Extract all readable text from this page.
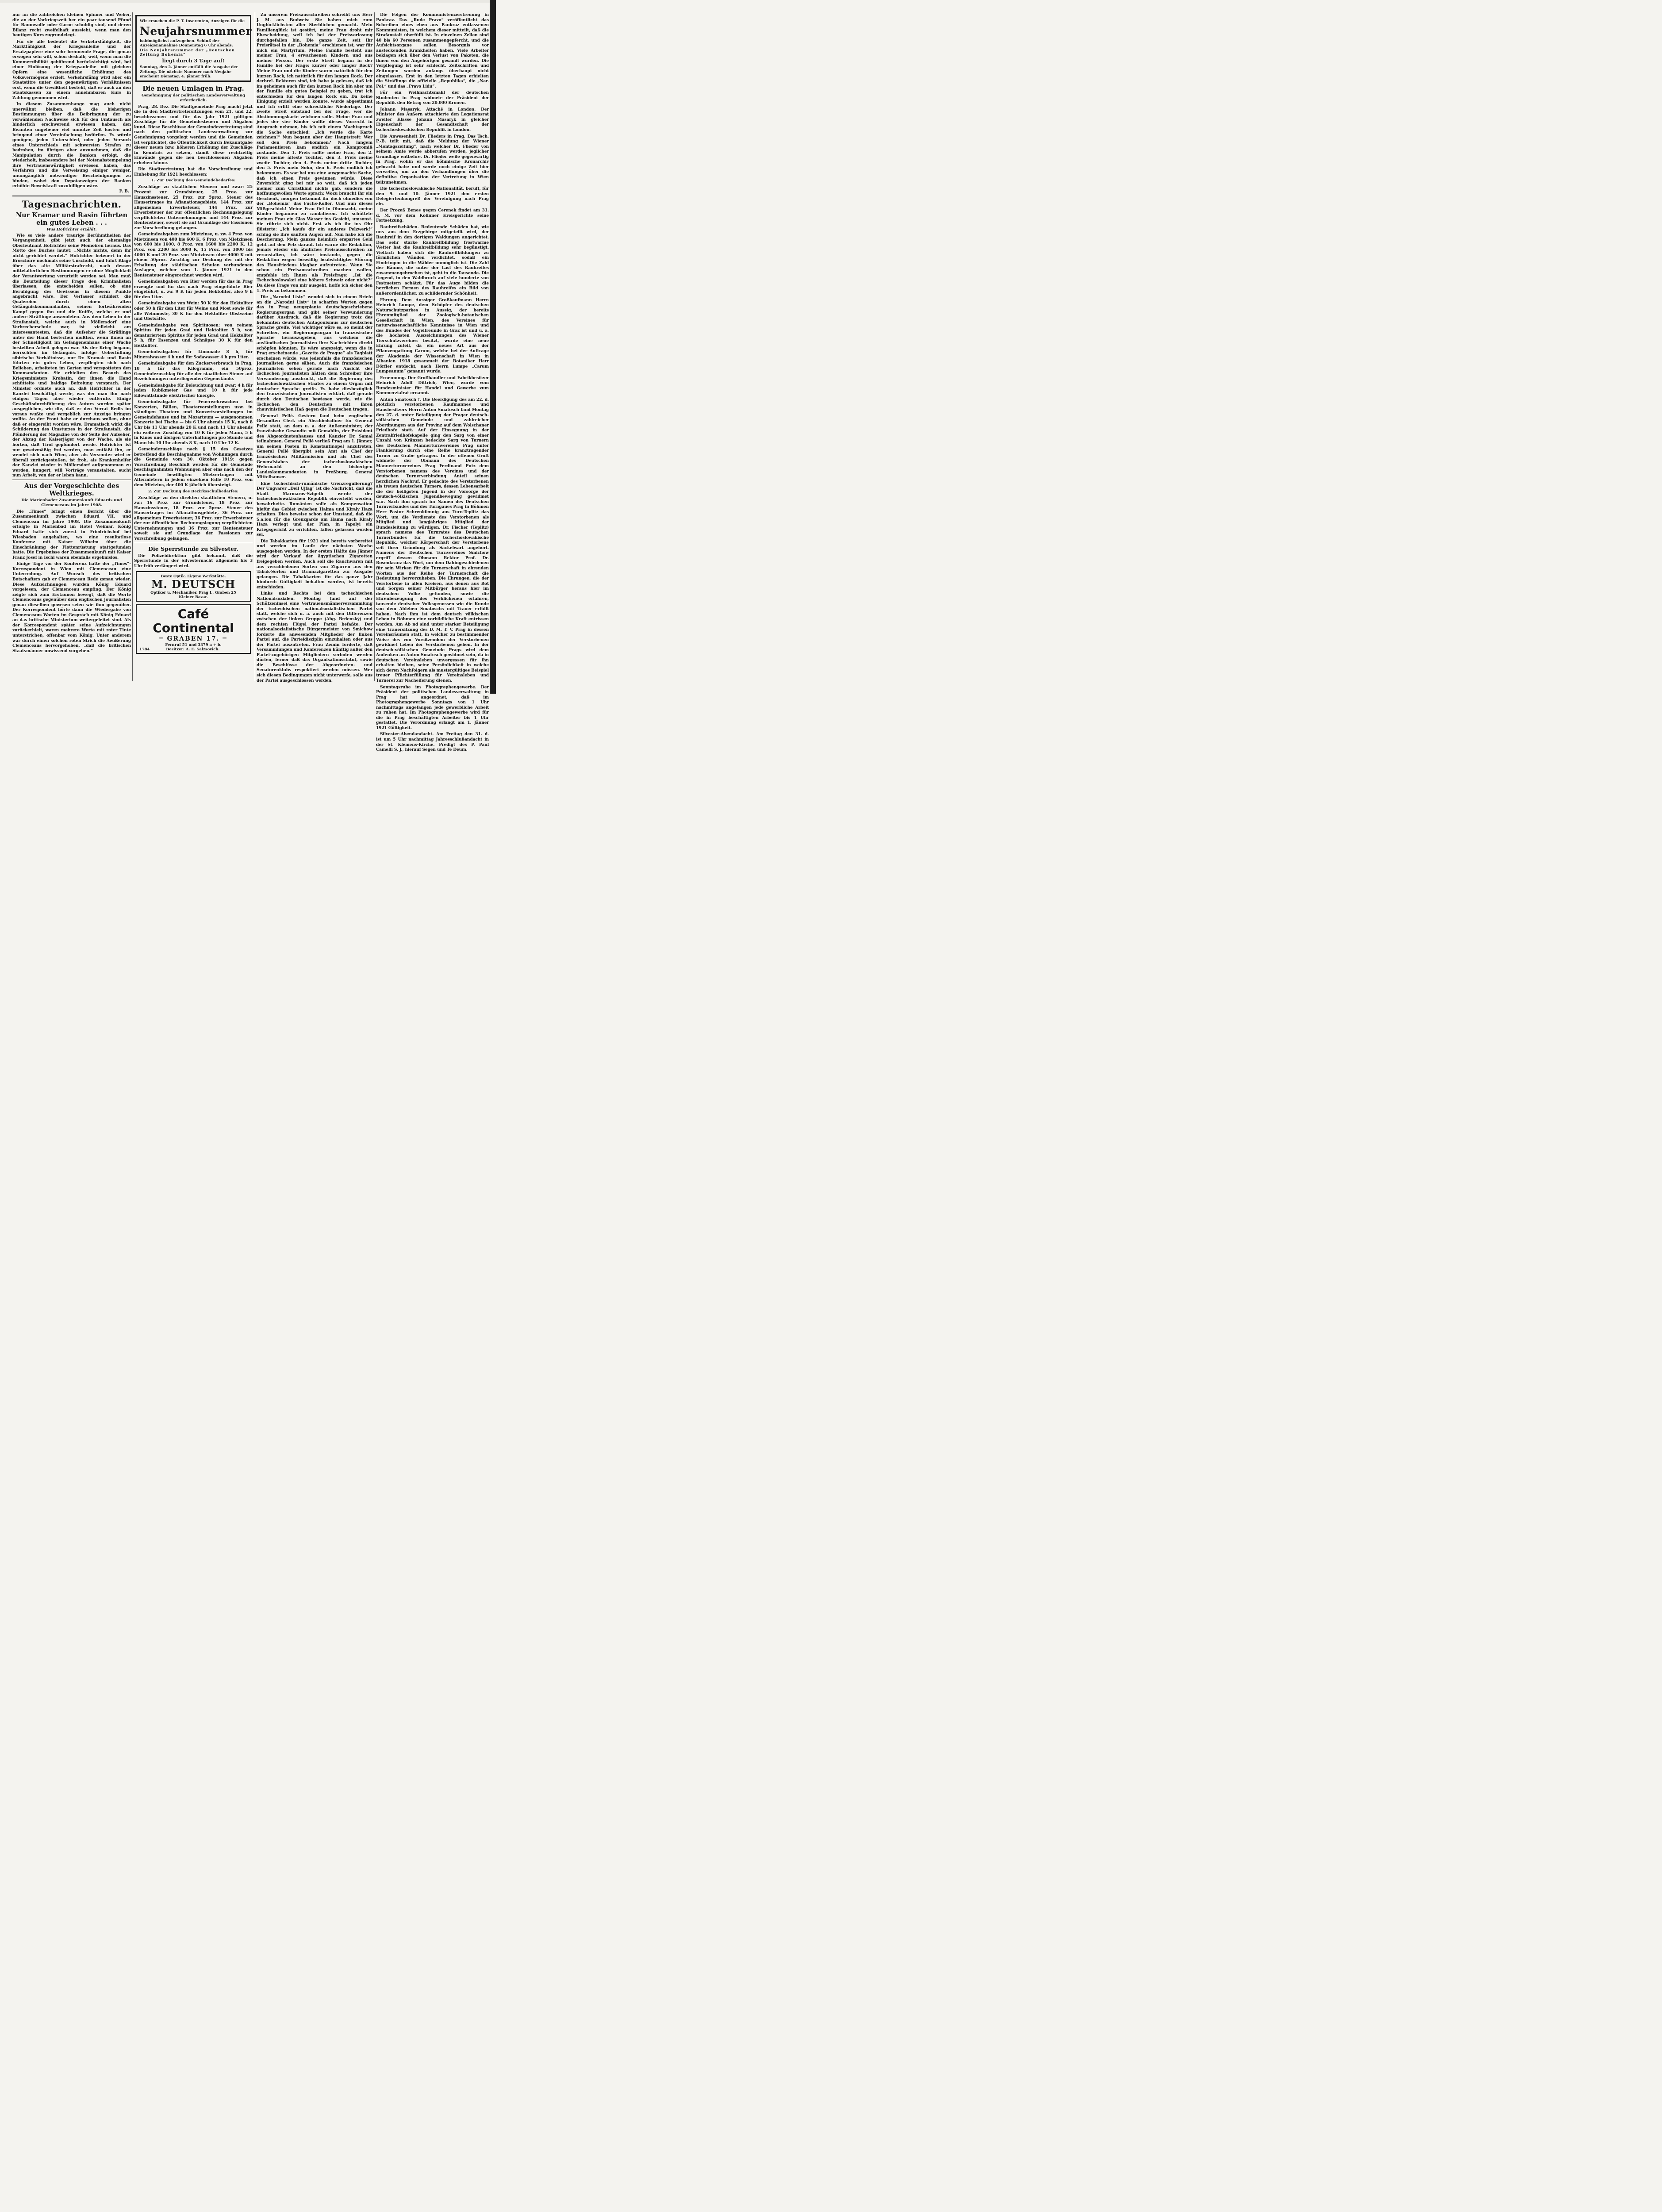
nur an die zahlreichen kleinen Spinner und Weber, die an der Vorkriegszeit her ein paar tausend Pfund für Baumwolle oder Garne schuldig sind, und deren Bilanz recht zweifelhaft aussieht, wenn man den heutigen Kurs zugrundelegt.

Für sie alle bedeutet die Verkehrsfähigkeit, die Marktfähigkeit der Kriegsanleihe und der Ersatzpapiere eine sehr brennende Frage, die genau erwogen sein will, schon deshalb, weil, wenn man die Kommerzibilität gebührend berücksichtigt wird, bei einer Einlösung der Kriegsanleihe mit gleichen Opfern eine wesentliche Erhöhung des Volksvermögens erzielt. Verkehrsfähig wird aber ein Staatstitre unter den gegenwärtigen Verhältnissen erst, wenn die Gewißheit besteht, daß er auch an den Staatskassen zu einem annehmbaren Kurs in Zahlung genommen wird.

In diesem Zusammenhange mag auch nicht unerwähnt bleiben, daß die bisherigen Bestimmungen über die Beibringung der zu verwählenden Nachweise sich für den Umtausch als hinderlich erschwerend erwiesen haben, den Beamten ungeheuer viel unnütze Zeit kosten und bringend einer Vereinfachung bedürfen. Es würde genügen, jeden Unterschied, oder jeden Versuch eines Unterschieds mit schwersten Strafen zu bedrohen, im übrigen aber anzunehmen, daß die Manipulation durch die Banken erfolgt, die wiederholt, insbesondere bei der Notenabstempelung ihre Vertrauenswürdigkeit erwiesen haben, das Verfahren und die Verweisung einiger weniger, unumgänglich notwendiger Bescheinigungen zu binden, wobei den Depotanzeigen der Banken erhöhte Beweiskraft zuzubilligen wäre.

F. B.
Tagesnachrichten.
Nur Kramar und Rasin führten ein gutes Leben . . .
Was Hofrichter erzählt.

Wie so viele andere traurige Berühmtheiten der Vergangenheit, gibt jetzt auch der ehemalige Oberleutnant Hofrichter seine Memoiren heraus. Das Motto des Buches lautet: „Nichts nichts, denn ihr nicht gerichtet werdet.“ Hofrichter beteuert in der Broschüre nochmals seine Unschuld, und führt Klage über das alte Militärstrafrecht, nach dessen mittelalterlichen Bestimmungen er ohne Möglichkeit der Verantwortung verurteilt worden sei. Man muß die Beurteilung dieser Frage den Kriminalisten überlassen, die entscheiden sollen, ob eine Beruhigung des Gewissens in diesem Punkte angebracht wäre. Der Verfasser schildert die Qualereien durch einen alten Gefängniskommandanten, seinen fortwährenden Kampf gegen ihn und die Kniffe, welche er und andere Sträflinge anwendeten. Aus dem Leben in der Strafanstalt, welche auch in Möllersdorf eine Verbrecherschule war, ist vielleicht am interessantesten, daß die Aufseher die Sträflinge unter der Hand bestechen mußten, wenn ihnen an der Schnelligkeit im Gefangenenhaus einer Wache bestellten Arbeit gelegen war. Als der Krieg begann, herrschten im Gefängnis, infolge Ueberfüllung sibirische Verhältnisse, nur Dr. Kramak und Rasin führten ein gutes Leben, verpflegten sich nach Belieben, arbeiteten im Garten und verspotteten den Kommandanten. Sie erhielten den Besuch des Kriegsministers Krobatin, der ihnen die Hand schüttelte und baldige Befreiung versprach. Der Minister ordnete auch an, daß Hofrichter in der Kanzlei beschäftigt werde, was der man ihn nach einigen Tagen aber wieder entfernte. Einige Geschäftsdurchführung des Autors wurden später ausgeglichen, wie die, daß er den Verrat Redls im voraus wußte und vergeblich zur Anzeige bringen wollte. An der Front habe er durchaus wollen, ohne daß er eingereiht worden wäre. Dramatisch wirkt die Schilderung des Umsturzes in der Strafanstalt, die Plünderung der Magazine von der Seite der Aufseher, der Abzug der Kaiserjäger von der Wache, als sie hörten, daß Tirol geplündert werde. Hofrichter ist nur gesetzmäßig frei werden, man entläßt ihn, er wendet sich nach Wien, aber als Versemter wird er überall zurückgestoßen, ist froh, als Krankenhelfer der Kanzlei wieder in Möllersdorf aufgenommen zu werden, hungert, will Vorträge veranstalten, sucht nun Arbeit, von der er leben kann.

Aus der Vorgeschichte des Weltkrieges.
Die Marienbader Zusammenkunft Eduards und Clemenceaus im Jahre 1908.

Die „Times“ bringt einen Bericht über die Zusammenkunft zwischen Eduard VII. und Clemenceau im Jahre 1908. Die Zusammenkunft erfolgte in Marienbad im Hotel Weimar. König Eduard hatte sich zuerst in Friedrichshof bei Wiesbaden angehalten, wo eine resultatlose Konferenz mit Kaiser Wilhelm über die Einschränkung der Flottenrüstung stattgefunden hatte. Die Ergebnisse der Zusammenkunft mit Kaiser Franz Josef in Ischl waren ebenfalls ergebnislos.

Einige Tage vor der Konferenz hatte der „Times“-Korrespondent in Wien mit Clemenceau eine Unterredung. Auf Wunsch des britischen Botschafters gab er Clemenceau Rede genau wieder. Diese Aufzeichnungen wurden König Eduard vorgelesen, der Clemenceau empfing. Der König zeigte sich zum Erstaunen bewegt, daß die Worte Clemenceaus gegenüber dem englischen Journalisten genau dieselben gewesen seien wie ihm gegenüber. Der Korrespondent hörte dann die Wiedergabe von Clemenceaus Worten im Gespräch mit König Eduard an das britische Ministerium weitergeleitet sind. Als der Korrespondent später seine Aufzeichnungen zurückerhielt, waren mehrere Worte mit roter Tinte unterstrichen, offenbar vom König. Unter anderem war durch einen solchen roten Strich die Aeußerung Clemenceaus hervorgehoben, „daß die britischen Staatsmänner unwissend vorgehen.“

Wir ersuchen die P. T. Inserenten, Anzeigen für die

Neujahrsnummer

baldmöglichst aufzugeben. Schluß der Anzeigenannahme Donnerstag 6 Uhr abends.

Die Neujahrsnummer der „Deutschen Zeitung Bohemia“

liegt durch 3 Tage auf!

Sonntag, den 2. Jänner entfällt die Ausgabe der Zeitung. Die nächste Nummer nach Neujahr erscheint Dienstag, 4. Jänner früh.

Die neuen Umlagen in Prag.
Genehmigung der politischen Landesverwaltung erforderlich.

Prag, 28. Dez. Die Stadtgemeinde Prag macht jetzt die in den Stadtvertretersitzungen vom 21. und 22. beschlossenen und für das Jahr 1921 gültigen Zuschläge für die Gemeindesteuern und Abgaben kund. Diese Beschlüsse der Gemeindevertretung sind nach den politischen Landesverwaltung zur Genehmigung vorgelegt werden und die Gemeinden ist verpflichtet, die Öffentlichkeit durch Bekanntgabe dieser neuen bzw. höheren Erhöhung der Zuschläge in Kenntnis zu setzen, damit diese rechtzeitig Einwände gegen die neu beschlossenen Abgaben erheben könne.

Die Stadtvertretung hat die Vorschreibung und Einhebung für 1921 beschlossen:

1. Zur Deckung des Gemeindebedarfes:

Zuschläge zu staatlichen Steuern und zwar: 25 Prozent zur Grundsteuer, 25 Proz. zur Hauszinssteuer, 25 Proz. zur 5proz. Steuer des Hausertrages im Afianationsgebiete, 144 Proz. zur allgemeinen Erwerbsteuer, 144 Proz. zur Erwerbsteuer der zur öffentlichen Rechnungslegung verpflichteten Unternehmungen und 144 Proz. zur Rentensteuer, soweit sie auf Grundlage der Fassionen zur Vorschreibung gelangen.

Gemeindeabgaben zum Mietzinse, u. zw. 4 Proz. von Mietzinsen von 400 bis 600 K, 6 Proz. von Mietzinsen von 600 bis 1600, 8 Proz. von 1600 bis 2200 K, 12 Proz. von 2200 bis 3000 K, 15 Proz. von 3000 bis 4000 K und 20 Proz. von Mietzinsen über 4000 K mit einem 50proz. Zuschlag zur Deckung der mit der Erhaltung der städtischen Schulen verbundenen Auslagen, welcher vom 1. Jänner 1921 in den Rentensteuer eingerechnet werden wird.

Gemeindeabgaben von Bier werden für das in Prag erzeugte und für das nach Prag eingeführte Bier eingeführt, u. zw. 9 K für jeden Hektoliter, also 9 h für den Liter.

Gemeindeabgabe von Wein: 50 K für den Hektoliter oder 50 h für den Liter für Weine und Most sowie für alle Weinmoste, 30 K für den Hektoliter Obstweine und Obstsäfte.

Gemeindeabgabe von Spirituosen: von reinem Spiritus für jeden Grad und Hektoliter 5 h, von denaturiertem Spiritus für jeden Grad und Hektoliter 5 h, für Essenzen und Schnäpse 30 K für den Hektoliter.

Gemeindeabgaben für Limonade 8 h, für Mineralwasser 4 h und für Sodawasser 4 h pro Liter.

Gemeindeabgabe für den Zuckerverbrauch in Prag, 10 h für das Kilogramm, ein 50proz. Gemeindezuschlag für alle der staatlichen Steuer auf Bezeichnungen unterliegenden Gegenstände.

Gemeindeabgabe für Beleuchtung und zwar: 4 h für jeden Kubikmeter Gas und 10 h für jede Kilowattstunde elektrischer Energie.

Gemeindeabgabe für Feuerwehrwachen bei Konzerten, Bällen, Theatervorstellungen usw. in ständigen Theatern und Konzertvorstellungen im Gemeindehause und im Mozarteum — ausgenommen Konzerte bei Tische — bis 6 Uhr abends 15 K, nach 8 Uhr bis 11 Uhr abends 20 K und nach 11 Uhr abends ein weiterer Zuschlag von 10 K für jeden Mann, 5 h in Kinos und übrigen Unterhaltungen pro Stunde und Mann bis 10 Uhr abends 8 K, nach 10 Uhr 12 K.

Gemeindezuschläge nach § 15 des Gesetzes betreffend die Beschlagnahme von Wohnungen durch die Gemeinde vom 30. Oktober 1919: gegen Vorschreibung Beschluß werden für die Gemeinde beschlagnahmten Wohnungen aber eins nach den der Gemeinde bewilligten Mietverträgen mit Aftermietern in jedem einzelnen Falle 10 Proz. von dem Mietzins, der 400 K jährlich übersteigt.

2. Zur Deckung des Bezirksschulbedarfes:

Zuschläge zu den direkten staatlichen Steuern, u. zw.: 16 Proz. zur Grundsteuer, 18 Proz. zur Hauszinssteuer, 18 Proz. zur 5proz. Steuer des Hausertrages im Afianationsgebiete, 36 Proz. zur allgemeinen Erwerbsteuer, 36 Proz. zur Erwerbsteuer der zur öffentlichen Rechnungslegung verpflichteten Unternehmungen und 36 Proz. zur Rentensteuer soweit sie auf Grundlage der Fassionen zur Vorschreibung gelangen.

Die Sperrstunde zu Silvester.

Die Polizeidirektion gibt bekannt, daß die Sperrstunde in der Silvesternacht allgemein bis 3 Uhr früh verlängert wird.

Beste Optik. Eigene Werkstätte.
M. DEUTSCH
Optiker u. Mechaniker. Prag I., Graben 25
Kleiner Bazar.
Café Continental
═ GRABEN 17. ═
Fernruf 51 und 3379 a + b.
1784	Besitzer: A. E. Salzsovich.

Zu unserem Preisausschreiben schreibt uns Herr J. M. aus Budweis: Sie haben mich zum Unglücklichsten aller Sterblichen gemacht. Mein Familienglück ist gestört, meine Frau droht mir Ehescheidung, weil ich bei der Preisverlosung durchgefallen bin. Die ganze Zeit, seit Ihr Preisrätsel in der „Bohemia“ erschienen ist, war für mich ein Martyrium. Meine Familie besteht aus meiner Frau, 4 erwachsenen Kindern und aus meiner Person. Der erste Streit begann in der Familie bei der Frage: kurzer oder langer Rock? Meine Frau und die Kinder waren natürlich für den kurzen Rock, ich natürlich für den langen Rock. Der derbrel. Rektoren sind, ich habe ja gelesen, daß ich im geheimen auch für den kurzen Rock bin aber um der Familie ein gutes Beispiel zu geben, trat ich entschieden für den langen Rock ein. Da keine Einigung erzielt werden konnte, wurde abgestimmt und ich erlitt eine schreckliche Niederlage. Der zweite Streit entstand bei der Frage, wer die Abstimmungskarte zeichnen solle. Meine Frau und jedes der vier Kinder wollte dieses Vorrecht in Anspruch nehmen, bis ich mit einem Machtspruch die Sache entschied: „Ich werde die Karte zeichnen!“ Nun begann aber der Hauptstreit: Wer soll den Preis bekommen? Nach langem Parlamentieren kam endlich ein Kompromiß zustande. Den 1. Preis sollte meine Frau, den 2. Preis meine älteste Tochter, den 3. Preis meine zweite Tochter, den 4. Preis meine dritte Tochter, den 5. Preis mein Sohn, den 6. Preis endlich ich bekommen. Es war bei uns eine ausgemachte Sache, daß ich einen Preis gewinnen würde. Diese Zuversicht ging bei mir so weit, daß ich jeden meiner zum Christkind nichts gab, sondern die hoffnungsvollen Worte sprach: Wozu braucht ihr ein Geschenk, morgen bekommt ihr doch ohnedies von der „Bohemia“ das Fuchs-Koller. Und nun dieses Mißgeschick! Meine Frau fiel in Ohnmacht, meine Kinder begannen zu randalieren. Ich schüttete meinen Frau ein Glas Wasser ins Gesicht, umsonst. Sie rührte sich nicht. Erst als ich ihr ins Ohr flüsterte: „Ich kaufe dir ein anderes Pelzwerk!“ schlug sie ihre sanften Augen auf. Nun habe ich die Bescherung. Mein ganzes heimlich erspartes Geld geht auf den Pelz darauf. Ich warne die Redaktion, jemals wieder ein ähnliches Preisausschreiben zu veranstalten, ich wäre imstande, gegen die Redaktion wegen böswillig beabsichtigter Störung des Hausfriedens klagbar aufzutreten. Wenn Sie schon ein Preisausschreiben machen wollen, empfehle ich Ihnen als Preisfrage: „Ist die Tschechoslowakei eine höhere Schweiz oder nicht?“ Da diese Frage von mir ausgeht, hoffe ich sicher den 1. Preis zu bekommen.

Die „Narodni Listy“ wendet sich in einem Briefe an die „Narodni Listy“ in scharfen Worten gegen das in Prag neugeplante deutschgeschriebene Regierungsorgan und gibt seiner Verwunderung darüber Ausdruck, daß die Regierung trotz des bekannten deutschen Antagonismus zur deutschen Sprache greife. Viel wichtiger wäre es, so meint der Schreiber, ein Regierungsorgan in französischer Sprache herauszugeben, aus welchem die ausländischen Journalisten ihre Nachrichten direkt schöpfen könnten. Es wäre angezeigt, wenn die in Prag erscheinende „Gazette de Prague“ als Tagblatt erscheinen würde, was jedenfalls die französischen Journalisten gerne sähen. Auch die französischen Journalisten sehen gerade nach Ansicht der Tschechen Journalisten hätten dem Schreiber ihre Verwunderung ausdrückt, daß die Regierung des tschechoslowakischen Staates zu einem Organ mit deutscher Sprache greife. Es habe diesbezüglich den französischen Journalisten erklärt, daß gerade durch den Deutschen bewiesen werde, wie die Tschechen den Deutschen mit ihren chauvinistischen Haß gegen die Deutschen tragen.

General Pellé. Gestern fand beim englischen Gesandten Clerk ein Abschiedsdiner für General Pellé statt, an dem u. a. der Außenminister, der französische Gesandte mit Gemahlin, der Präsident des Abgeordnetenhauses und Kanzler Dr. Samal teilnahmen. General Pellé verließ Prag am 1. Jänner, um seinen Posten in Konstantinopel anzutreten. General Pellé übergibt sein Amt als Chef der französischen Militärmission und als Chef des Generalstabes der tschechoslowakischen Wehrmacht an den bisherigen Landeskommandanten in Preßburg, General Mittelhauser.

Eine tschechisch-rumänische Grenzregulierung? Der Ungvarer „Dell Ujfag“ ist die Nachricht, daß die Stadt Marmaros-Szigeth werde der tschechoslowakischen Republik einverleibt werden, bewahrheite. Rumänien solle als Kompensation hiefür das Gebiet zwischen Halma und Kiraly Haza erhalten. Dies beweise schon der Umstand, daß die S.a.ion für die Grenzgarde am Hama nach Kiraly Haza verlegt und der Plan, in Tapolyi ein Kriegsgericht zu errichten, fallen gelassen worden sei.

Die Tabakkarten für 1921 sind bereits vorbereitet und werden im Laufe der nächsten Woche ausgegeben werden. In der ersten Hälfte des Jänner wird der Verkauf der ägyptischen Zigaretten freigegeben werden. Auch soll die Rauchwaren mit aus verschiedenen Sorten von Zigarren aus den Tabak-Sorten und Dramazigaretten zur Ausgabe gelangen. Die Tabakkarten für das ganze Jahr hindurch Gültigkeit behalten werden, ist bereits entschieden.

Links und Rechts bei den tschechischen Nationalsozialen. Montag fand auf der Schützeninsel eine Vertrauensmännerversammlung der tschechischen nationalsozialistischen Partei statt, welche sich u. a. auch mit den Differenzen zwischen der linken Gruppe (Abg. Brdenskỳ) und dem rechten Flügel der Partei befaßte. Der nationalsozialistische Bürgermeister von Smichow forderte die anwesenden Mitglieder der linken Partei auf, die Parteidisziplin einzuhalten oder aus der Partei auszutreten. Frau Zemin forderte, daß Versammlungen und Konferenzen künftig außer den Partei-zugehörigen Mitgliedern verboten werden dürfen, ferner daß das Organisationsstatut, sowie die Beschlüsse der Abgeordneten- und Senatorenklubs respektiert werden müssen. Wer sich diesen Bedingungen nicht unterwerfe, solle aus der Partei ausgeschlossen werden.

Die Folgen der Kommunistenzerstreuung in Pankraz. Das „Rude Pravo“ veröffentlicht das Schreiben eines eben aus Pankraz entlassenen Kommunisten, in welchem dieser mitteilt, daß die Strafanstalt überfüllt ist. In einzelnen Zellen sind 40 bis 60 Personen zusammengepfercht, und die Aufsichtsorgane sollen Besorgnis vor ansteckenden Krankheiten haben. Viele Arbeiter beklagen sich über den Verlust von Paketen, die ihnen von den Angehörigen gesandt wurden. Die Verpflegung ist sehr schlecht. Zeitschriften und Zeitungen wurden anfangs überhaupt nicht eingelassen. Erst in den letzten Tagen erhielten die Sträflinge die offizielle „Republika“, die „Nar. Pol.“ und das „Pravo Lidu“.

Für ein Weihnachtsmahl der deutschen Studenten in Prag widmete der Präsident der Republik den Betrag von 20.000 Kronen.

Johann Masaryk, Attaché in London. Der Minister des Äußern attachierte den Legationsrat zweiter Klasse Johann Masaryk in gleicher Eigenschaft der Gesandtschaft der tschechoslowakischen Republik in London.

Die Anwesenheit Dr. Flieders in Prag. Das Tsch. P.-B. teilt mit, daß die Meldung der Wiener „Montagszeitung“, nach welcher Dr. Flieder von seinem Amte werde abberufen werden, jeglicher Grundlage entbehre. Dr. Flieder weile gegenwärtig in Prag, wohin er das böhmische Kronarchiv gebracht habe und werde noch einige Zeit hier verweilen, um an den Verhandlungen über die definitive Organisation der Vertretung in Wien teilzunehmen.

Die tschechoslowakische Nationalität. beruft, für den 9. und 10. Jänner 1921 den ersten Delegiertenkongreß der Vereinigung nach Prag ein.

Der Prozeß Benes gegen Cerenek findet am 31. d. M. vor dem Kolinner Kreisgerichte seine Fortsetzung.

Rauhreifschäden. Bedeutende Schäden hat, wie uns aus dem Erzgebirge mitgeteilt wird, der Rauhreif in den dortigen Waldungen angerichtet. Das sehr starke Rauhreifbildung frostwarme Wetter hat die Rauhreifbildung sehr begünstigt. Vielfach haben sich die Rauhreifbildungen zu förmlichen Wänden verdichtet, sodaß ein Eindringen in die Wälder unmöglich ist. Die Zahl der Bäume, die unter der Last des Rauhreifes zusammengebrochen ist, geht in die Tausende. Die Gegend, in den Waldbruch auf viele hunderte von Festmetern schätzt. Für das Auge bilden die herrlichen Formen des Rauhreifes ein Bild von außerordentlicher, zu schildernder Schönheit.

Ehrung. Dem Aussiger Großkaufmann Herrn Heinrich Lumpe, dem Schöpfer des deutschen Naturschutzparkes in Aussig, der bereits Ehrenmitglied der Zoologisch-botanischen Gesellschaft in Wien, des Vereines für naturwissenschaftliche Kenntnisse in Wien und des Bundes der Vogelfreunde in Graz ist und u. a. die höchsten Auszeichnungen des Wiener Tierschutzvereines besitzt, wurde eine neue Ehrung zuteil, da ein neues Art aus der Pflanzengattung Carum, welche bei der Auftrage der Akademie der Wissenschaft in Wien in Albanien 1918 gesammelt der Botaniker Herr Dörfler entdeckt, nach Herrn Lumpe „Carum Lumpeanum“ genannt wurde.

Ernennung. Der Großhändler und Fabrikbesitzer Heinrich Adolf Dittrich, Wien, wurde vom Bundesminister für Handel und Gewerbe zum Kommerzialrat ernannt.

Anton Smatosch †. Die Beerdigung des am 22. d. plötzlich verstorbenen Kaufmannes und Hausbesitzers Herrn Anton Smatosch fand Montag den 27. d. unter Beteiligung der Prager deutsch-völkischen Gemeinde und zahlreicher Abordnungen aus der Provinz auf dem Wolschaner Friedhofe statt. Auf der Einsegnung in der Zentralfriedhofskapelle ging den Sarg von einer Unzahl von Kränzen bedeckte Sarg von Turnern des Deutschen Männerturnvereines Prag unter Flankierung durch eine Reihe kranztragender Turner zu Grabe getragen. In der offenen Gruft widmete der Obmann des Deutschen Männerturnvereines Prag Ferdinand Putz dem Verstorbenen namens des Vereines und der deutschen Turnerverbindung Anteil seinen herzlichen Nachruf. Er gedachte des Verstorbenen als treuen deutschen Turners, dessen Lebensarbeit die der heiligsten Jugend in der Vorsorge der deutsch-völkischen Jugendbewegung gewidmet war. Nach ihm sprach im Namen des Deutschen Turnverbandes und des Turngaues Prag in Böhmen Herr Pastor Schrenkfennig aus Turn-Teplitz das Wort, um die Verdienste des Verstorbenen als Mitglied und langjähriges Mitglied der Bundesleitung zu würdigen. Dr. Fischer (Teplitz) sprach namens des Turnrates des Deutschen Turnerbundes für die tschechoslowakische Republik, welcher Körperschaft der Verstorbene seit ihrer Gründung als Säckelwart angehört. Namens der Deutschen Turnvereines Smichow ergriff dessen Obmann Rektor Prof. Dr. Rosenkranz das Wort, um dem Dahingeschiedenen für sein Wirken für die Turnerschaft in ehrenden Worten aus der Reihe der Turnerschaft die Bedeutung hervorzuheben. Die Ehrungen, die der Verstorbene in allen Kreisen, aus denen aus Rot und Sorgen seiner Mitbürger heraus hier im deutschen Volke gefunden, sowie die Ehrenbezeugung des Verblichenen erfahren, tausende deutscher Volksgenossen wie die Kunde von dem Ableben Smatoschs mit Trauer erfüllt haben. Nach ihm ist dem deutsch völkischen Leben in Böhmen eine vorbildliche Kraft entrissen worden. Am Ab nd sind unter starker Beteiligung eine Trauersitzung des D. M. T. V. Prag in dessen Vereinsräumen statt, in welcher zu bestimmender Weise des von Vorsitzendem der Verstorbenen gewidmet Leben der Verstorbenen geben. In der deutsch-völkischen Gemeinde Prags wird dem Andenken an Anton Smatosch gewidmet sein, da in deutschen Vereinsleben unvergessen für ihn erhalten bleiben, seine Persönlichkeit in welche sich deren Nachfolgern als mustergültiges Beispiel treuer Pflichterfüllung für Vereinsleben und Turnerei zur Nacheiferung dienen.

Sonntagsruhe im Photographengewerbe. Der Präsident der politischen Landesverwaltung in Prag hat angeordnet, daß im Photographengewerbe Sonntags von 1 Uhr nachmittags angefangen jede gewerbliche Arbeit zu ruhen hat. Im Photographengewerbe wird für die in Prag beschäftigten Arbeiter bis 1 Uhr gestattet. Die Verordnung erlangt am 1. Jänner 1921 Gültigkeit.

Silvester-Abendandacht. Am Freitag den 31. d. ist um 5 Uhr nachmittag Jahresschlußandacht in der St. Klemens-Kirche. Predigt des P. Paul Camelli S. J., hierauf Segen und Te Deum.
